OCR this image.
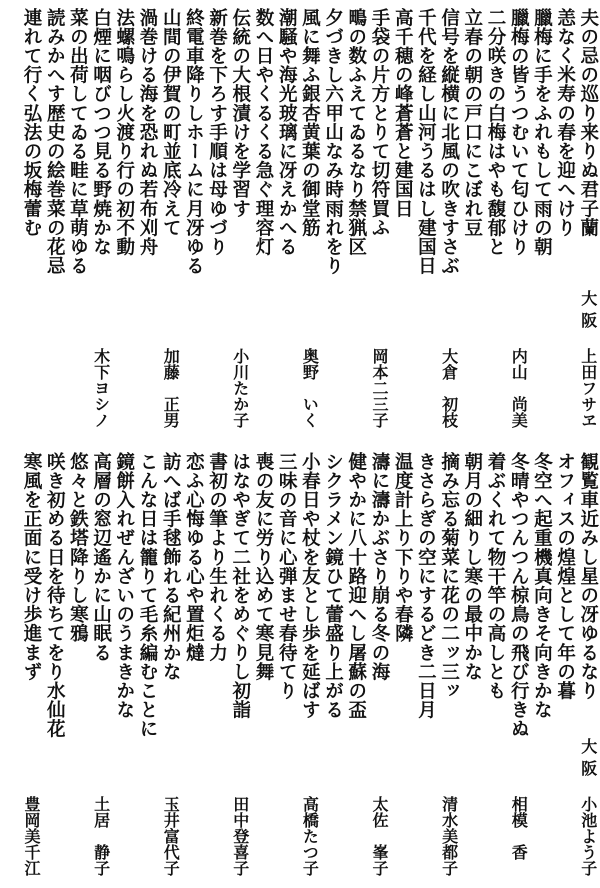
夫の忌の巡り来りぬ君子蘭
大阪
上田フサヱ
恙なく米寿の春を迎へけり
臘梅に手をふれもして雨の朝
臘梅の皆うつむいて匂ひけり
内山　尚美
二分咲きの白梅はやも馥郁と
立春の朝の戸口にこぼれ豆
信号を縦横に北風の吹きすさぶ
大倉　初枝
千代を経し山河うるはし建国日
高千穂の峰蒼蒼と建国日
手袋の片方とりて切符買ふ
岡本二三子
鴫の数ふえてゐるなり禁猟区
夕づきし六甲山なみ時雨れをり
風に舞ふ銀杏黄葉の御堂筋
奥野　いく
潮騒や海光玻璃に冴えかへる
数へ日やくるくる急ぐ理容灯
伝統の大根漬けを学習す
小川たか子
新巻を下ろす手順は母ゆづり
終電車降りしホームに月冴ゆる
山間の伊賀の町並底冷えて
加藤　正男
渦巻ける海を恐れぬ若布刈舟
法螺鳴らし火渡り行の初不動
白煙に咽びつつ見る野焼かな
木下ヨシノ
菜の出荷してゐる畦に草萌ゆる
読みかへす歴史の絵巻菜の花忌
連れて行く弘法の坂梅蕾む
観覧車近みし星の冴ゆるなり
大阪
小池よう子
オフィスの煌煌として年の暮
冬空へ起重機真向きそ向きかな
冬晴やつんつん椋鳥の飛び行きぬ
相模　香
着ぶくれて物干竿の高しとも
朝月の細りし寒の最中かな
摘み忘る菊菜に花の二ッ三ッ
清水美都子
きさらぎの空にするどき二日月
温度計上り下りや春隣
濤に濤かぶさり崩る冬の海
太佐　峯子
健やかに八十路迎へし屠蘇の盃
シクラメン鏡ひて蕾盛り上がる
小春日や杖を友とし歩を延ばす
高橋たつ子
三味の音に心弾ませ春待てり
喪の友に労り込めて寒見舞
はなやぎて二社をめぐりし初詣
田中登喜子
書初の筆より生れくる力
恋ふ心悔ゆる心や置炬燵
訪へば手毬飾れる紀州かな
玉井富代子
こんな日は籠りて毛糸編むことに
鏡餅入れぜんざいのうまきかな
高層の窓辺遙かに山眠る
土居　静子
悠々と鉄塔降りし寒鴉
咲き初める日を待ちてをり水仙花
寒風を正面に受け歩進まず
豊岡美千江
